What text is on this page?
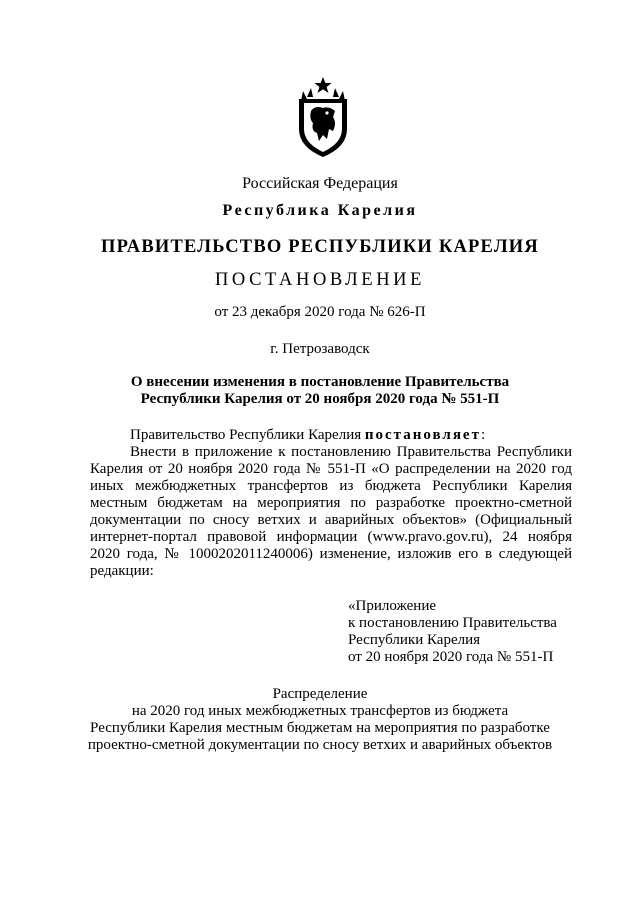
Российская Федерация
Республика Карелия
ПРАВИТЕЛЬСТВО РЕСПУБЛИКИ КАРЕЛИЯ
ПОСТАНОВЛЕНИЕ
от 23 декабря 2020 года № 626-П
г. Петрозаводск
О внесении изменения в постановление Правительства
Республики Карелия от 20 ноября 2020 года № 551-П
Правительство Республики Карелия постановляет:
Внести в приложение к постановлению Правительства Республики Карелия от 20 ноября 2020 года № 551-П «О распределении на 2020 год иных межбюджетных трансфертов из бюджета Республики Карелия местным бюджетам на мероприятия по разработке проектно-сметной документации по сносу ветхих и аварийных объектов» (Официальный интернет-портал правовой информации (www.pravo.gov.ru), 24 ноября 2020 года, № 1000202011240006) изменение, изложив его в следующей редакции:
«Приложение
к постановлению Правительства
Республики Карелия
от 20 ноября 2020 года № 551-П
Распределение
на 2020 год иных межбюджетных трансфертов из бюджета
Республики Карелия местным бюджетам на мероприятия по разработке
проектно-сметной документации по сносу ветхих и аварийных объектов
